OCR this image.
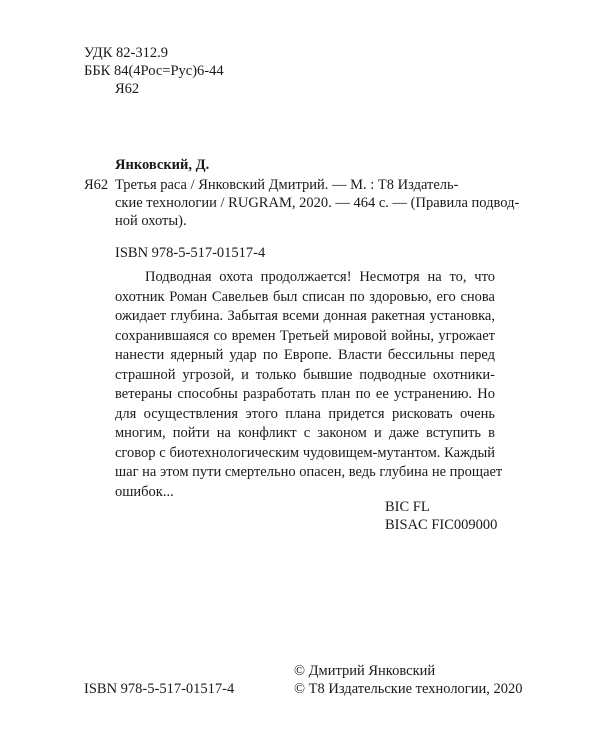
УДК 82-312.9
ББК 84(4Рос=Рус)6-44
Я62
Янковский, Д.
Я62 Третья раса / Янковский Дмитрий. — М. : Т8 Издатель-
ские технологии / RUGRAM, 2020. — 464 с. — (Правила подвод-
ной охоты).
ISBN 978-5-517-01517-4
Подводная охота продолжается! Несмотря на то, что
охотник Роман Савельев был списан по здоровью, его снова
ожидает глубина. Забытая всеми донная ракетная установка,
сохранившаяся со времен Третьей мировой войны, угрожает
нанести ядерный удар по Европе. Власти бессильны перед
страшной угрозой, и только бывшие подводные охотники-
ветераны способны разработать план по ее устранению. Но
для осуществления этого плана придется рисковать очень
многим, пойти на конфликт с законом и даже вступить в
сговор с биотехнологическим чудовищем-мутантом. Каждый
шаг на этом пути смертельно опасен, ведь глубина не прощает
ошибок...
BIC FL
BISAC FIC009000
© Дмитрий Янковский
© Т8 Издательские технологии, 2020
ISBN 978-5-517-01517-4
